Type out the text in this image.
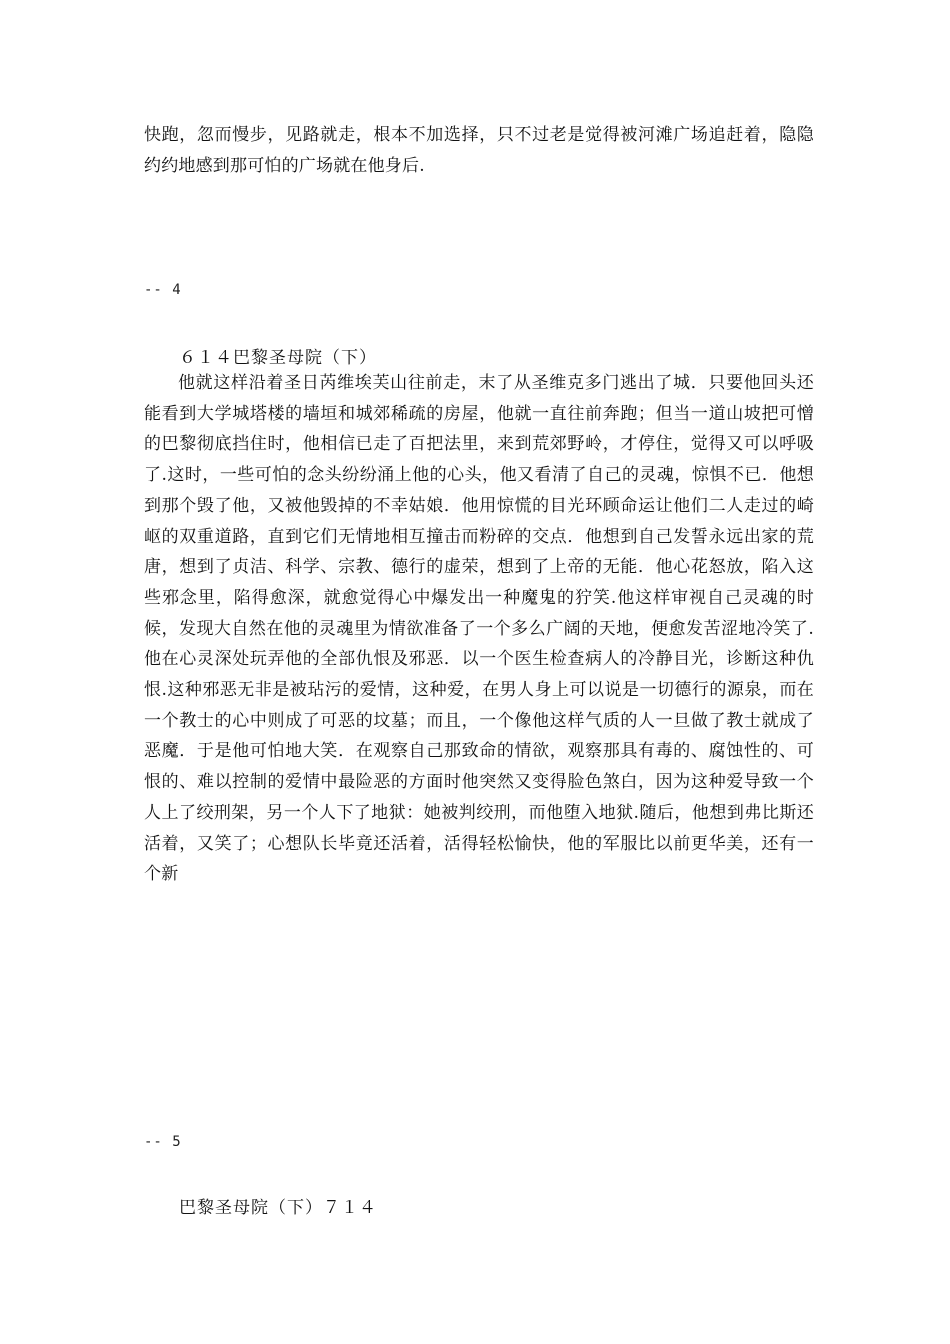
快跑，忽而慢步，见路就走，根本不加选择，只不过老是觉得被河滩广场追赶着，隐隐约约地感到那可怕的广场就在他身后.

-- 4
６１４巴黎圣母院（下）

他就这样沿着圣日芮维埃芙山往前走，末了从圣维克多门逃出了城．只要他回头还能看到大学城塔楼的墙垣和城郊稀疏的房屋，他就一直往前奔跑；但当一道山坡把可憎的巴黎彻底挡住时，他相信已走了百把法里，来到荒郊野岭，才停住，觉得又可以呼吸了.这时，一些可怕的念头纷纷涌上他的心头，他又看清了自己的灵魂，惊惧不已．他想到那个毁了他，又被他毁掉的不幸姑娘．他用惊慌的目光环顾命运让他们二人走过的崎岖的双重道路，直到它们无情地相互撞击而粉碎的交点．他想到自己发誓永远出家的荒唐，想到了贞洁、科学、宗教、德行的虚荣，想到了上帝的无能．他心花怒放，陷入这些邪念里，陷得愈深，就愈觉得心中爆发出一种魔鬼的狞笑.他这样审视自己灵魂的时候，发现大自然在他的灵魂里为情欲准备了一个多么广阔的天地，便愈发苦涩地冷笑了.他在心灵深处玩弄他的全部仇恨及邪恶．以一个医生检查病人的冷静目光，诊断这种仇恨.这种邪恶无非是被玷污的爱情，这种爱，在男人身上可以说是一切德行的源泉，而在一个教士的心中则成了可恶的坟墓；而且，一个像他这样气质的人一旦做了教士就成了恶魔．于是他可怕地大笑．在观察自己那致命的情欲，观察那具有毒的、腐蚀性的、可恨的、难以控制的爱情中最险恶的方面时他突然又变得脸色煞白，因为这种爱导致一个人上了绞刑架，另一个人下了地狱：她被判绞刑，而他堕入地狱.随后，他想到弗比斯还活着，又笑了；心想队长毕竟还活着，活得轻松愉快，他的军服比以前更华美，还有一个新

-- 5
巴黎圣母院（下）７１４
